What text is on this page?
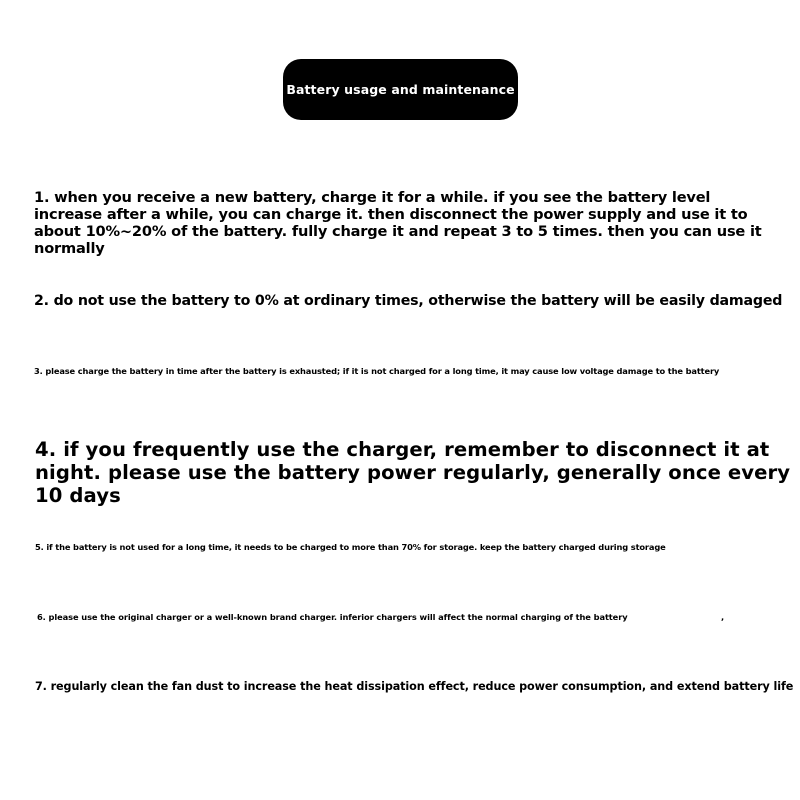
Battery usage and maintenance

1. when you receive a new battery, charge it for a while. if you see the battery level increase after a while, you can charge it. then disconnect the power supply and use it to about 10%~20% of the battery. fully charge it and repeat 3 to 5 times. then you can use it normally

2. do not use the battery to 0% at ordinary times, otherwise the battery will be easily damaged

3. please charge the battery in time after the battery is exhausted; if it is not charged for a long time, it may cause low voltage damage to the battery

4. if you frequently use the charger, remember to disconnect it at night. please use the battery power regularly, generally once every 10 days

5. if the battery is not used for a long time, it needs to be charged to more than 70% for storage. keep the battery charged during storage

6. please use the original charger or a well-known brand charger. inferior chargers will affect the normal charging of the battery	,

7. regularly clean the fan dust to increase the heat dissipation effect, reduce power consumption, and extend battery life
